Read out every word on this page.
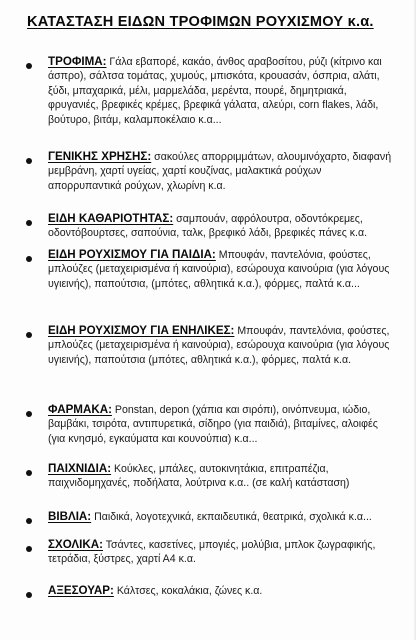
ΚΑΤΑΣΤΑΣΗ ΕΙΔΩΝ ΤΡΟΦΙΜΩΝ ΡΟΥΧΙΣΜΟΥ κ.α.
ΤΡΟΦΙΜΑ: Γάλα εβαπορέ, κακάο, άνθος αραβοσίτου, ρύζι (κίτρινο και άσπρο), σάλτσα τομάτας, χυμούς, μπισκότα, κρουασάν, όσπρια, αλάτι, ξύδι, μπαχαρικά, μέλι, μαρμελάδα, μερέντα, πουρέ, δημητριακά, φρυγανιές, βρεφικές κρέμες, βρεφικά γάλατα, αλεύρι, corn flakes, λάδι, βούτυρο, βιτάμ, καλαμποκέλαιο κ.α...
ΓΕΝΙΚΗΣ ΧΡΗΣΗΣ: σακούλες απορριμμάτων, αλουμινόχαρτο, διαφανή μεμβράνη, χαρτί υγείας, χαρτί κουζίνας, μαλακτικά ρούχων απορρυπαντικά ρούχων, χλωρίνη κ.α.
ΕΙΔΗ ΚΑΘΑΡΙΟΤΗΤΑΣ: σαμπουάν, αφρόλουτρα, οδοντόκρεμες, οδοντόβουρτσες, σαπούνια, ταλκ, βρεφικό λάδι, βρεφικές πάνες κ.α.
ΕΙΔΗ ΡΟΥΧΙΣΜΟΥ ΓΙΑ ΠΑΙΔΙΑ: Μπουφάν, παντελόνια, φούστες, μπλούζες (μεταχειρισμένα ή καινούρια), εσώρουχα καινούρια (για λόγους υγιεινής), παπούτσια, (μπότες, αθλητικά κ.α.), φόρμες, παλτά κ.α...
ΕΙΔΗ ΡΟΥΧΙΣΜΟΥ ΓΙΑ ΕΝΗΛΙΚΕΣ: Μπουφάν, παντελόνια, φούστες, μπλούζες (μεταχειρισμένα ή καινούρια), εσώρουχα καινούρια (για λόγους υγιεινής), παπούτσια (μπότες, αθλητικά κ.α.), φόρμες, παλτά κ.α.
ΦΑΡΜΑΚΑ: Ponstan, depon (χάπια και σιρόπι), οινόπνευμα, ιώδιο, βαμβάκι, τσιρότα, αντιπυρετικά, σίδηρο (για παιδιά), βιταμίνες, αλοιφές (για κνησμό, εγκαύματα και κουνούπια) κ.α...
ΠΑΙΧΝΙΔΙΑ: Κούκλες, μπάλες, αυτοκινητάκια, επιτραπέζια, παιχνιδομηχανές, ποδήλατα, λούτρινα κ.α.. (σε καλή κατάσταση)
ΒΙΒΛΙΑ: Παιδικά, λογοτεχνικά, εκπαιδευτικά, θεατρικά, σχολικά κ.α...
ΣΧΟΛΙΚΑ: Τσάντες, κασετίνες, μπογιές, μολύβια, μπλοκ ζωγραφικής, τετράδια, ξύστρες, χαρτί Α4 κ.α.
ΑΞΕΣΟΥΑΡ: Κάλτσες, κοκαλάκια, ζώνες κ.α.
